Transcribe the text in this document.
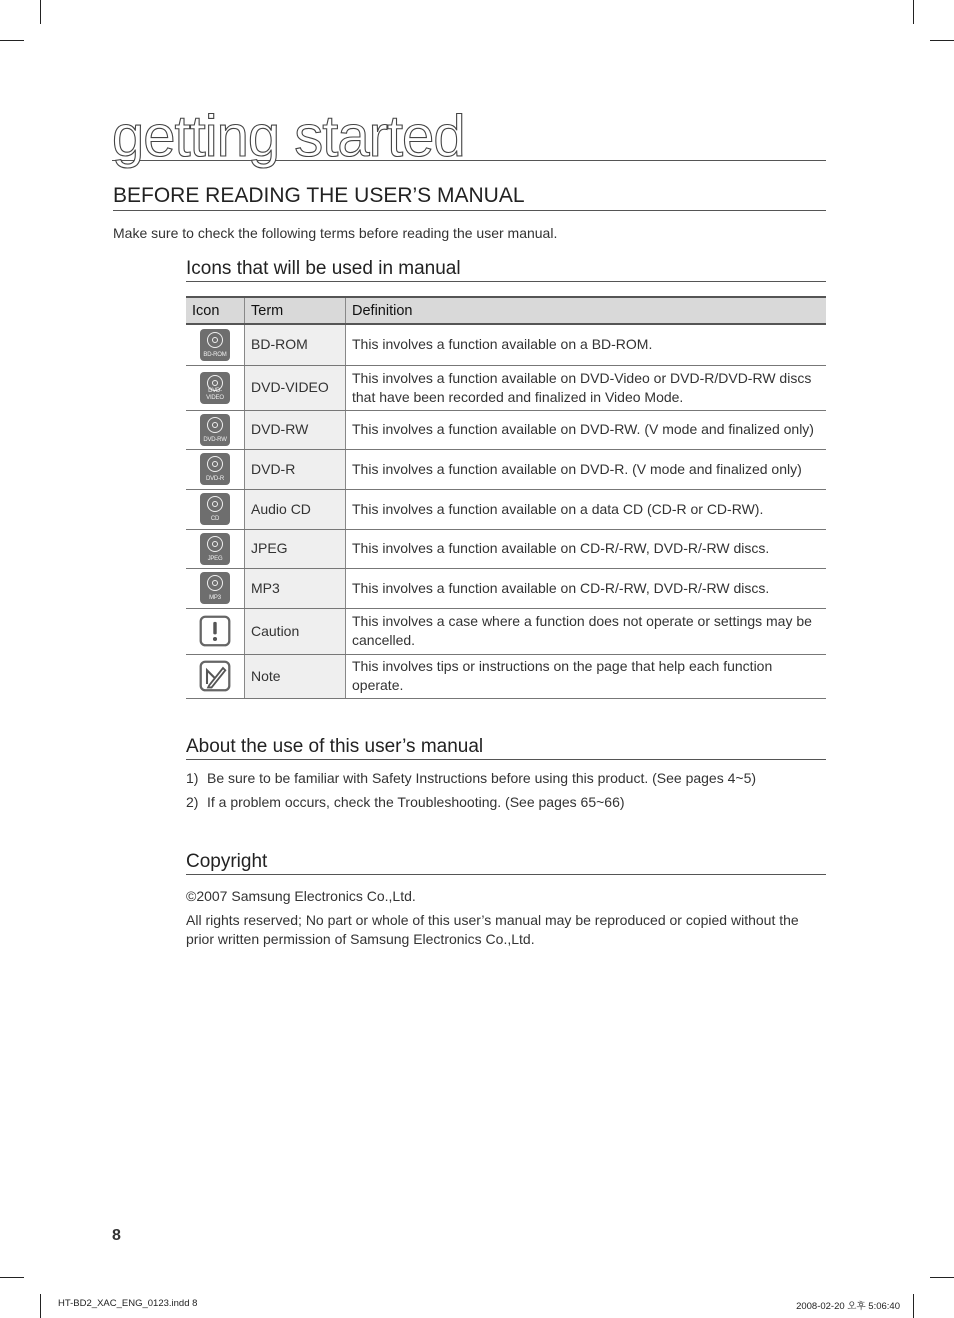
getting started
BEFORE READING THE USER’S MANUAL
Make sure to check the following terms before reading the user manual.
Icons that will be used in manual
Icon	Term	Definition

BD-ROM	BD-ROM	This involves a function available on a BD-ROM.

DVD-VIDEO	DVD-VIDEO	This involves a function available on DVD-Video or DVD-R/DVD-RW discs that have been recorded and finalized in Video Mode.

DVD-RW	DVD-RW	This involves a function available on DVD-RW. (V mode and finalized only)

DVD-R	DVD-R	This involves a function available on DVD-R. (V mode and finalized only)

CD	Audio CD	This involves a function available on a data CD (CD-R or CD-RW).

JPEG	JPEG	This involves a function available on CD-R/-RW, DVD-R/-RW discs.

MP3	MP3	This involves a function available on CD-R/-RW, DVD-R/-RW discs.
	Caution	This involves a case where a function does not operate or settings may be cancelled.
	Note	This involves tips or instructions on the page that help each function operate.
About the use of this user’s manual
1) Be sure to be familiar with Safety Instructions before using this product. (See pages 4~5)
2) If a problem occurs, check the Troubleshooting. (See pages 65~66)
Copyright
©2007 Samsung Electronics Co.,Ltd.
All rights reserved; No part or whole of this user’s manual may be reproduced or copied without the prior written permission of Samsung Electronics Co.,Ltd.
8
HT-BD2_XAC_ENG_0123.indd 8	2008-02-20 오후 5:06:40
